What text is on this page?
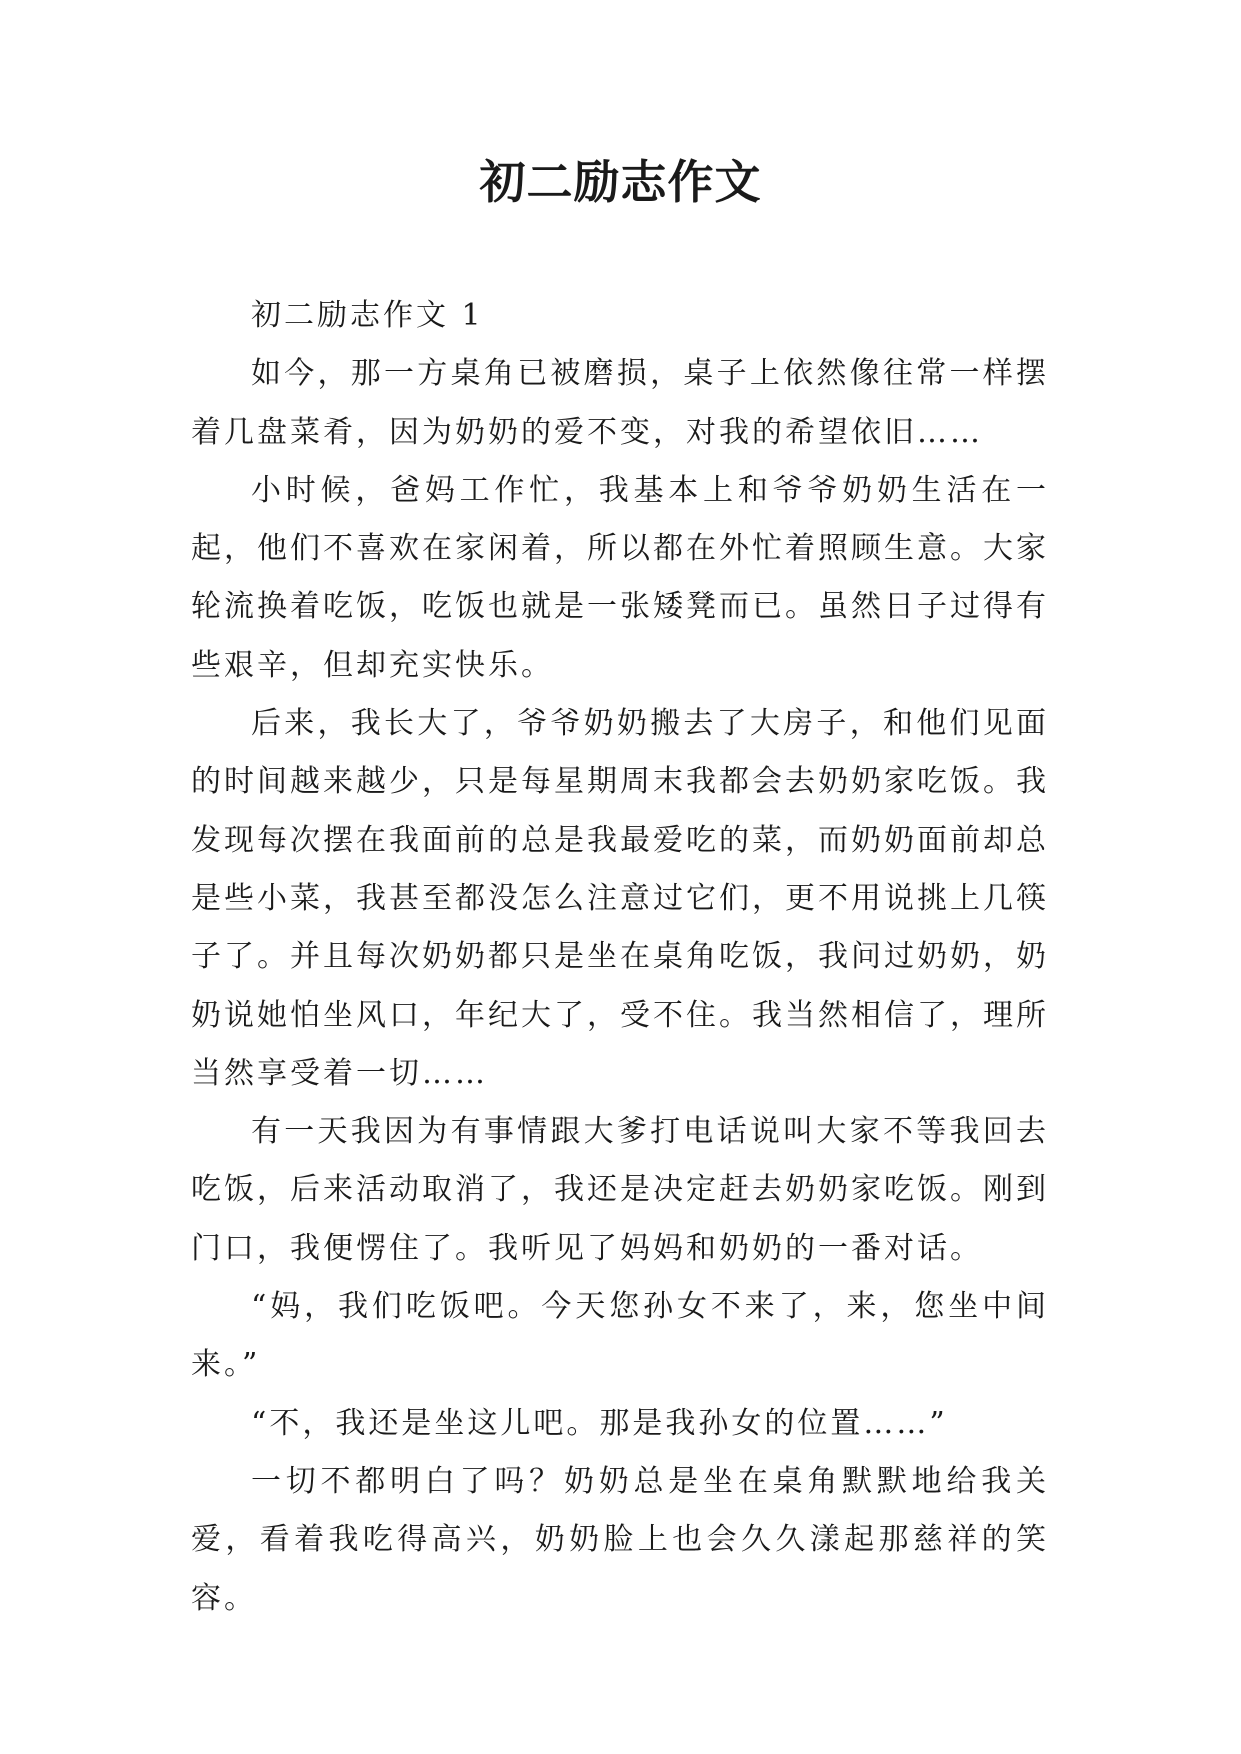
初二励志作文

初二励志作文 1

如今，那一方桌角已被磨损，桌子上依然像往常一样摆着几盘菜肴，因为奶奶的爱不变，对我的希望依旧……

小时候，爸妈工作忙，我基本上和爷爷奶奶生活在一起，他们不喜欢在家闲着，所以都在外忙着照顾生意。大家轮流换着吃饭，吃饭也就是一张矮凳而已。虽然日子过得有些艰辛，但却充实快乐。

后来，我长大了，爷爷奶奶搬去了大房子，和他们见面的时间越来越少，只是每星期周末我都会去奶奶家吃饭。我发现每次摆在我面前的总是我最爱吃的菜，而奶奶面前却总是些小菜，我甚至都没怎么注意过它们，更不用说挑上几筷子了。并且每次奶奶都只是坐在桌角吃饭，我问过奶奶，奶奶说她怕坐风口，年纪大了，受不住。我当然相信了，理所当然享受着一切……

有一天我因为有事情跟大爹打电话说叫大家不等我回去吃饭，后来活动取消了，我还是决定赶去奶奶家吃饭。刚到门口，我便愣住了。我听见了妈妈和奶奶的一番对话。

“妈，我们吃饭吧。今天您孙女不来了，来，您坐中间来。”

“不，我还是坐这儿吧。那是我孙女的位置……”

一切不都明白了吗？奶奶总是坐在桌角默默地给我关爱，看着我吃得高兴，奶奶脸上也会久久漾起那慈祥的笑容。
